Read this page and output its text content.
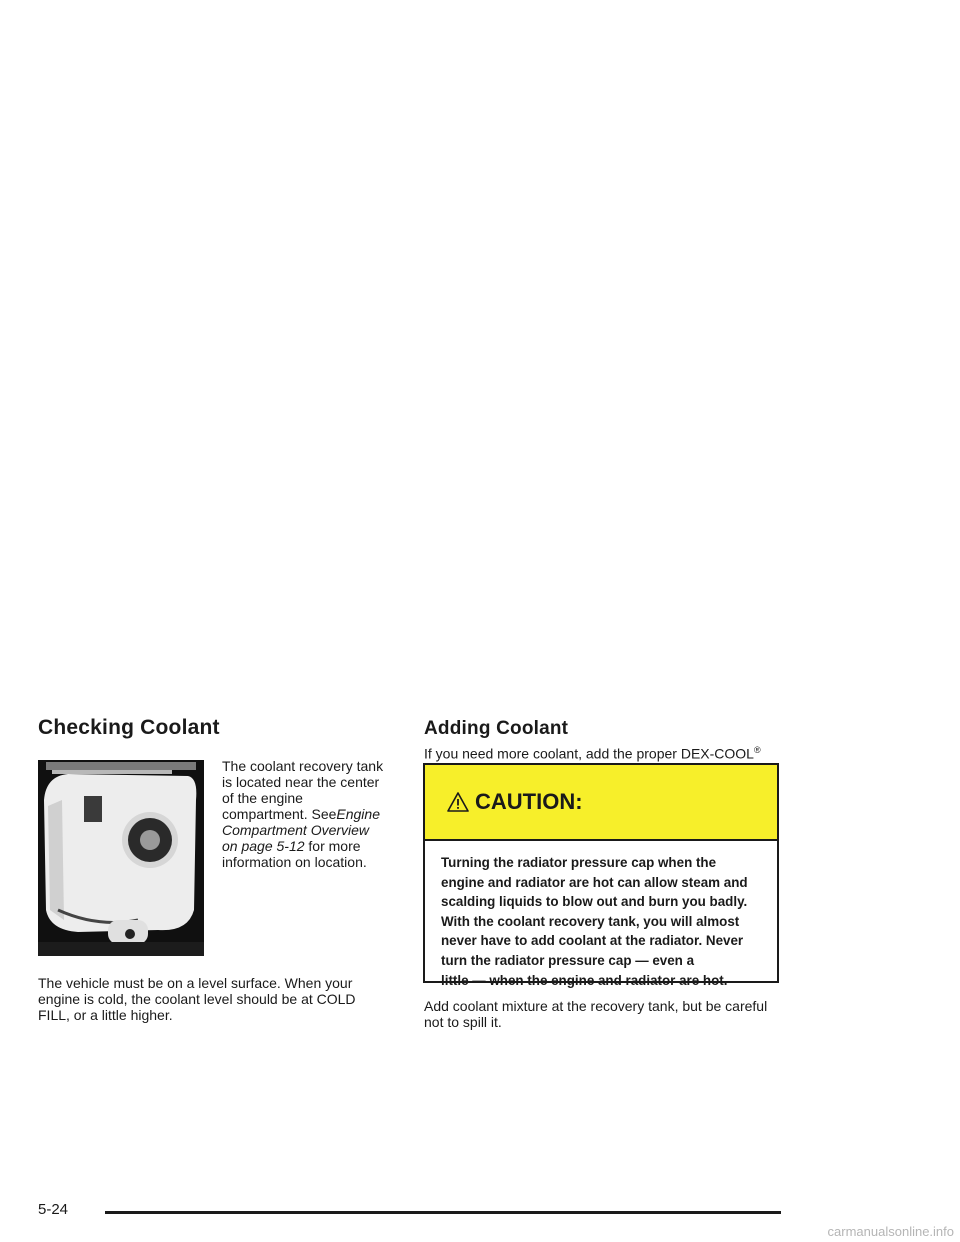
Checking Coolant
The coolant recovery tank
is located near the center
of the engine
compartment. SeeEngine
Compartment Overview
on page 5-12 for more
information on location.
The vehicle must be on a level surface. When your
engine is cold, the coolant level should be at COLD
FILL, or a little higher.
Adding Coolant
If you need more coolant, add the proper DEX-COOL®
CAUTION:
Turning the radiator pressure cap when the
engine and radiator are hot can allow steam and
scalding liquids to blow out and burn you badly.
With the coolant recovery tank, you will almost
never have to add coolant at the radiator. Never
turn the radiator pressure cap — even a
little — when the engine and radiator are hot.
Add coolant mixture at the recovery tank, but be careful
not to spill it.
5-24
carmanualsonline.info
